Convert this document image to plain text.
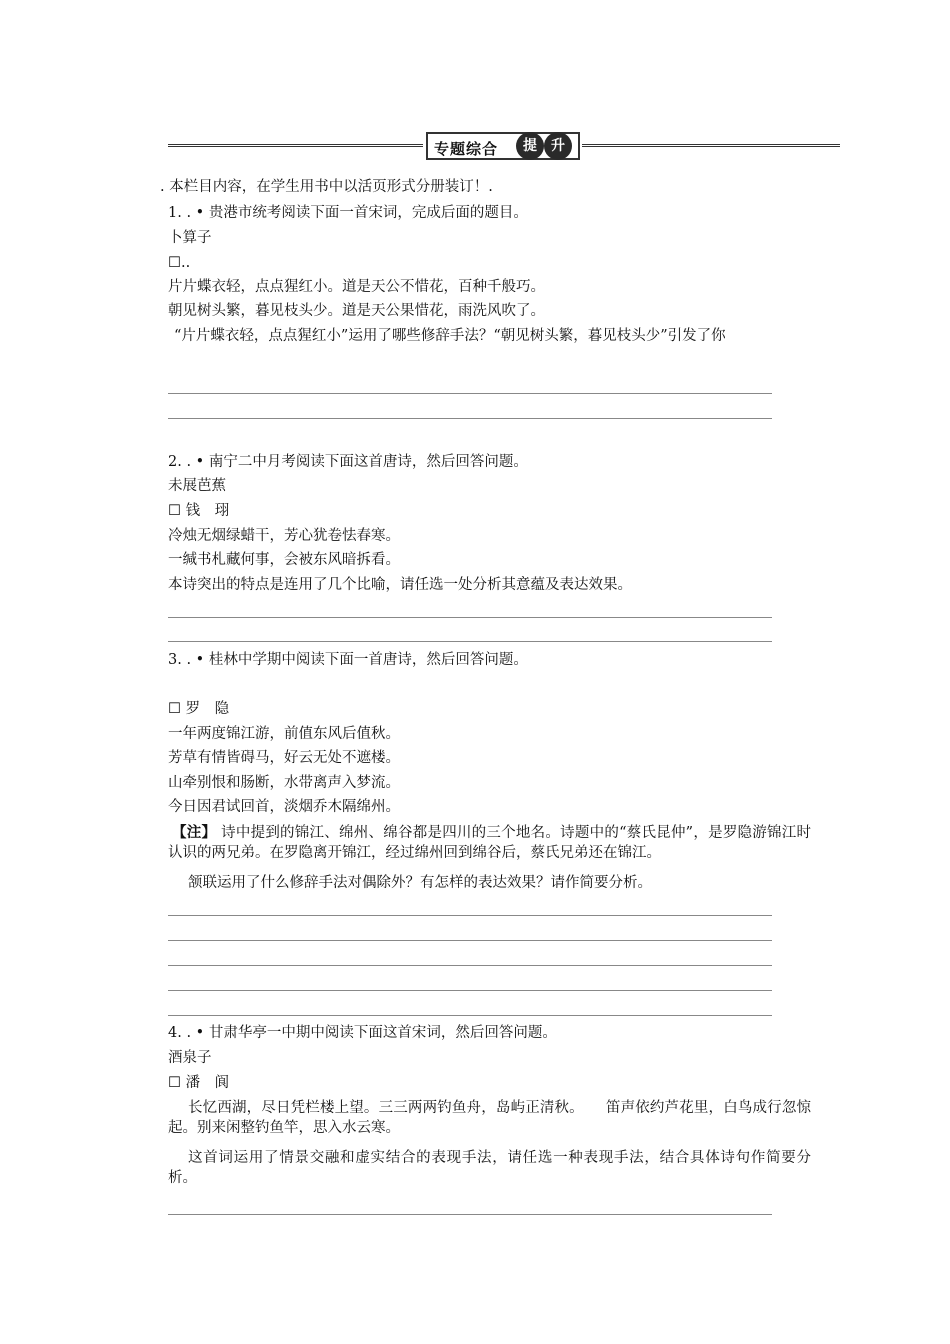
专题综合	提	升
. 本栏目内容，在学生用书中以活页形式分册装订！.
1. . • 贵港市统考阅读下面一首宋词，完成后面的题目。
卜算子
☐..
片片蝶衣轻，点点猩红小。道是天公不惜花，百种千般巧。
朝见树头繁，暮见枝头少。道是天公果惜花，雨洗风吹了。
“片片蝶衣轻，点点猩红小”运用了哪些修辞手法？“朝见树头繁，暮见枝头少”引发了你
2. . • 南宁二中月考阅读下面这首唐诗，然后回答问题。
未展芭蕉
☐ 钱　珝
冷烛无烟绿蜡干，芳心犹卷怯春寒。
一缄书札藏何事，会被东风暗拆看。
本诗突出的特点是连用了几个比喻，请任选一处分析其意蕴及表达效果。
3. . • 桂林中学期中阅读下面一首唐诗，然后回答问题。
☐ 罗　隐
一年两度锦江游，前值东风后值秋。
芳草有情皆碍马，好云无处不遮楼。
山牵别恨和肠断，水带离声入梦流。
今日因君试回首，淡烟乔木隔绵州。
【注】 诗中提到的锦江、绵州、绵谷都是四川的三个地名。诗题中的“蔡氏昆仲”，是罗隐游锦江时认识的两兄弟。在罗隐离开锦江，经过绵州回到绵谷后，蔡氏兄弟还在锦江。
颔联运用了什么修辞手法对偶除外？有怎样的表达效果？请作简要分析。
4. . • 甘肃华亭一中期中阅读下面这首宋词，然后回答问题。
酒泉子
☐ 潘　阆
长忆西湖，尽日凭栏楼上望。三三两两钓鱼舟，岛屿正清秋。　　笛声依约芦花里，白鸟成行忽惊起。别来闲整钓鱼竿，思入水云寒。
这首词运用了情景交融和虚实结合的表现手法，请任选一种表现手法，结合具体诗句作简要分析。
